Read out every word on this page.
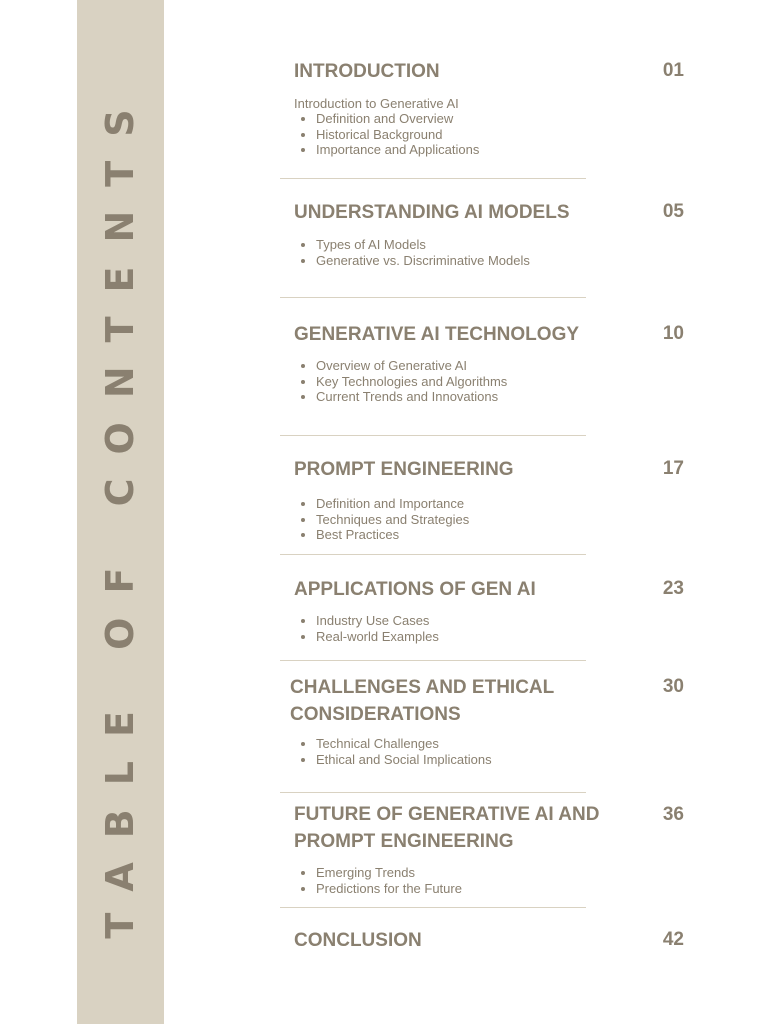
TABLE OF CONTENTS
INTRODUCTION	01
Introduction to Generative AI
• Definition and Overview
• Historical Background
• Importance and Applications
UNDERSTANDING AI MODELS	05
• Types of AI Models
• Generative vs. Discriminative Models
GENERATIVE AI TECHNOLOGY	10
• Overview of Generative AI
• Key Technologies and Algorithms
• Current Trends and Innovations
PROMPT ENGINEERING	17
• Definition and Importance
• Techniques and Strategies
• Best Practices
APPLICATIONS OF GEN AI	23
• Industry Use Cases
• Real-world Examples
CHALLENGES AND ETHICAL
CONSIDERATIONS
30
• Technical Challenges
• Ethical and Social Implications
FUTURE OF GENERATIVE AI AND
PROMPT ENGINEERING
36
• Emerging Trends
• Predictions for the Future
CONCLUSION	42
